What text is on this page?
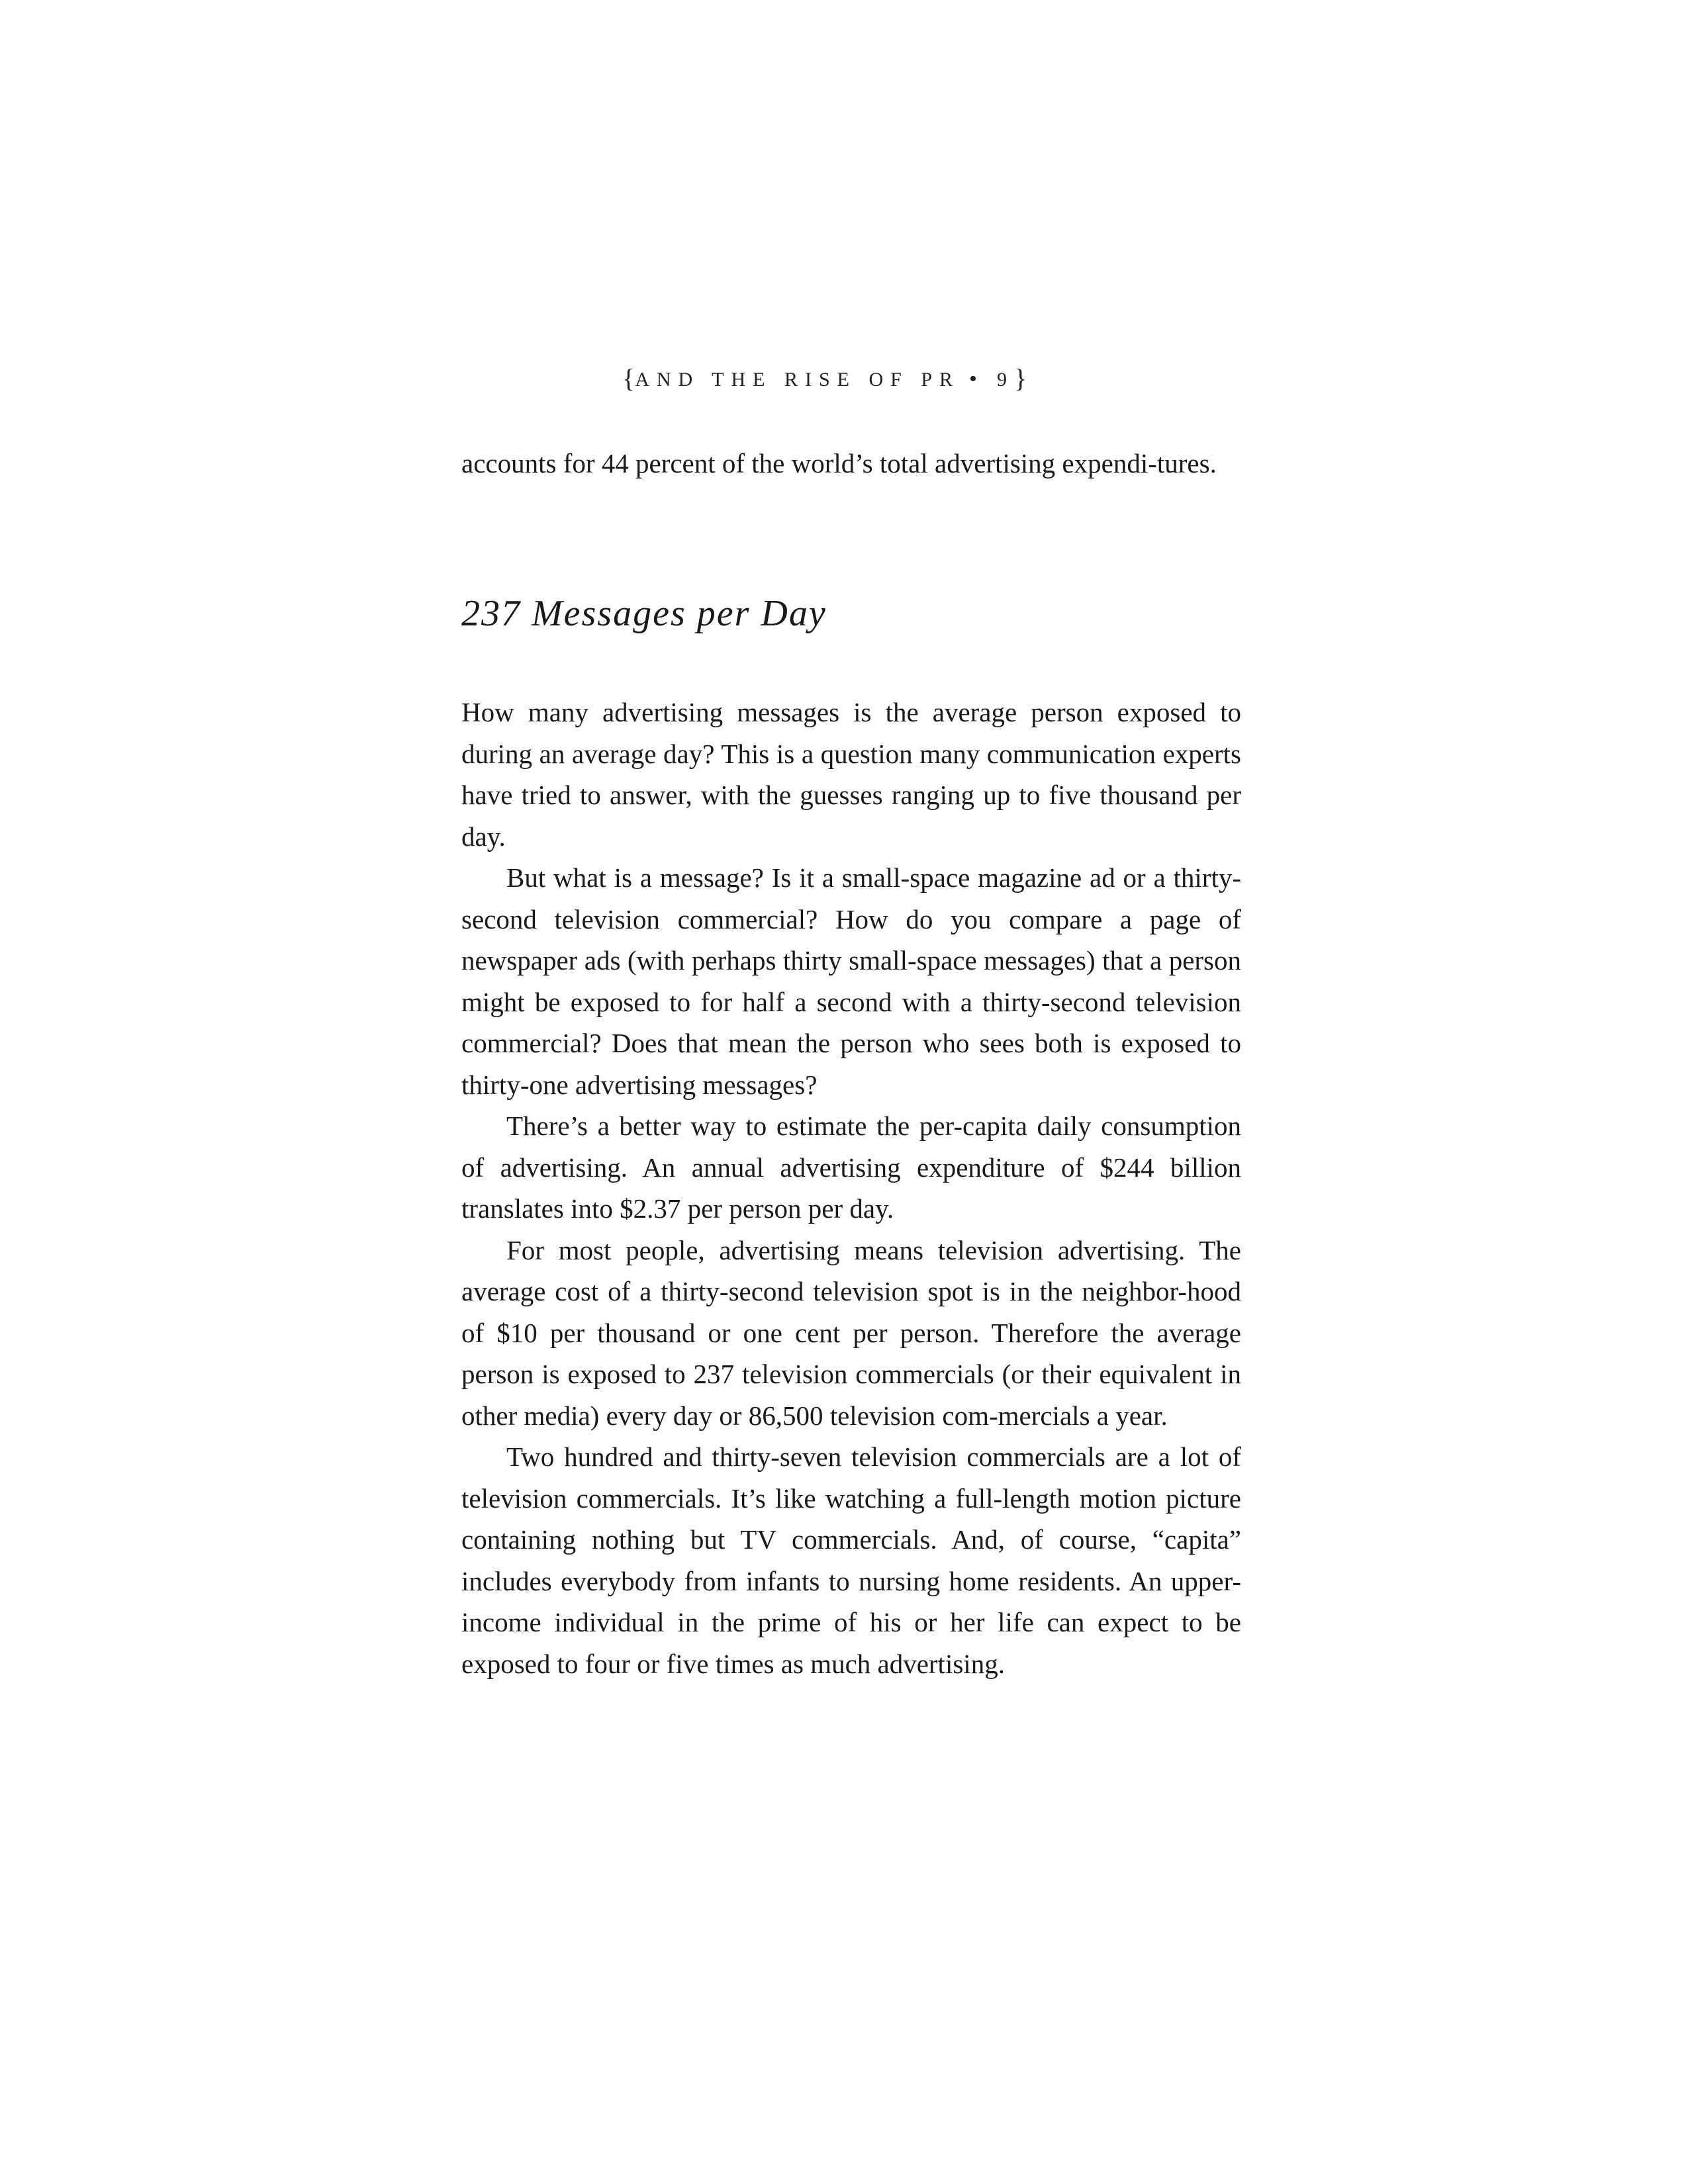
{AND THE RISE OF PR • 9}

accounts for 44 percent of the world’s total advertising expendi-tures.

237 Messages per Day

How many advertising messages is the average person exposed to during an average day? This is a question many communication experts have tried to answer, with the guesses ranging up to five thousand per day.

But what is a message? Is it a small-space magazine ad or a thirty-second television commercial? How do you compare a page of newspaper ads (with perhaps thirty small-space messages) that a person might be exposed to for half a second with a thirty-second television commercial? Does that mean the person who sees both is exposed to thirty-one advertising messages?

There’s a better way to estimate the per-capita daily consumption of advertising. An annual advertising expenditure of $244 billion translates into $2.37 per person per day.

For most people, advertising means television advertising. The average cost of a thirty-second television spot is in the neighbor-hood of $10 per thousand or one cent per person. Therefore the average person is exposed to 237 television commercials (or their equivalent in other media) every day or 86,500 television com-mercials a year.

Two hundred and thirty-seven television commercials are a lot of television commercials. It’s like watching a full-length motion picture containing nothing but TV commercials. And, of course, “capita” includes everybody from infants to nursing home residents. An upper-income individual in the prime of his or her life can expect to be exposed to four or five times as much advertising.
